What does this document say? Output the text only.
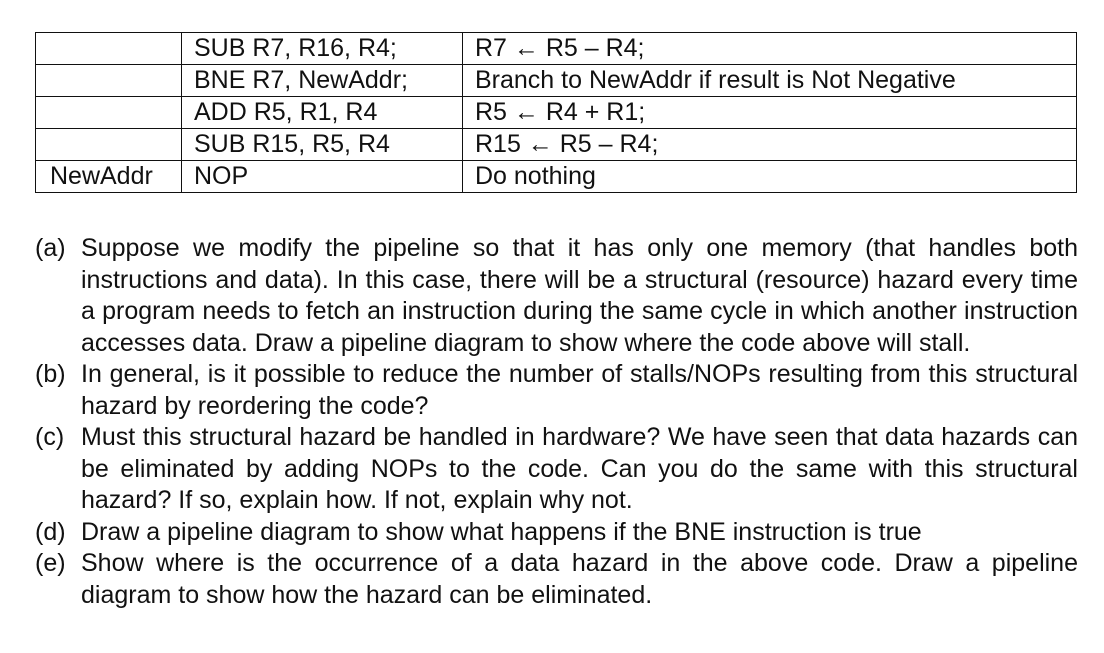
	SUB R7, R16, R4;	R7 ← R5 – R4;
	BNE R7, NewAddr;	Branch to NewAddr if result is Not Negative
	ADD R5, R1, R4	R5 ← R4 + R1;
	SUB R15, R5, R4	R15 ← R5 – R4;
NewAddr	NOP	Do nothing
(a) Suppose we modify the pipeline so that it has only one memory (that handles both instructions and data). In this case, there will be a structural (resource) hazard every time a program needs to fetch an instruction during the same cycle in which another instruction accesses data. Draw a pipeline diagram to show where the code above will stall.
(b) In general, is it possible to reduce the number of stalls/NOPs resulting from this structural hazard by reordering the code?
(c) Must this structural hazard be handled in hardware? We have seen that data hazards can be eliminated by adding NOPs to the code. Can you do the same with this structural hazard? If so, explain how. If not, explain why not.
(d) Draw a pipeline diagram to show what happens if the BNE instruction is true
(e) Show where is the occurrence of a data hazard in the above code. Draw a pipeline diagram to show how the hazard can be eliminated.
